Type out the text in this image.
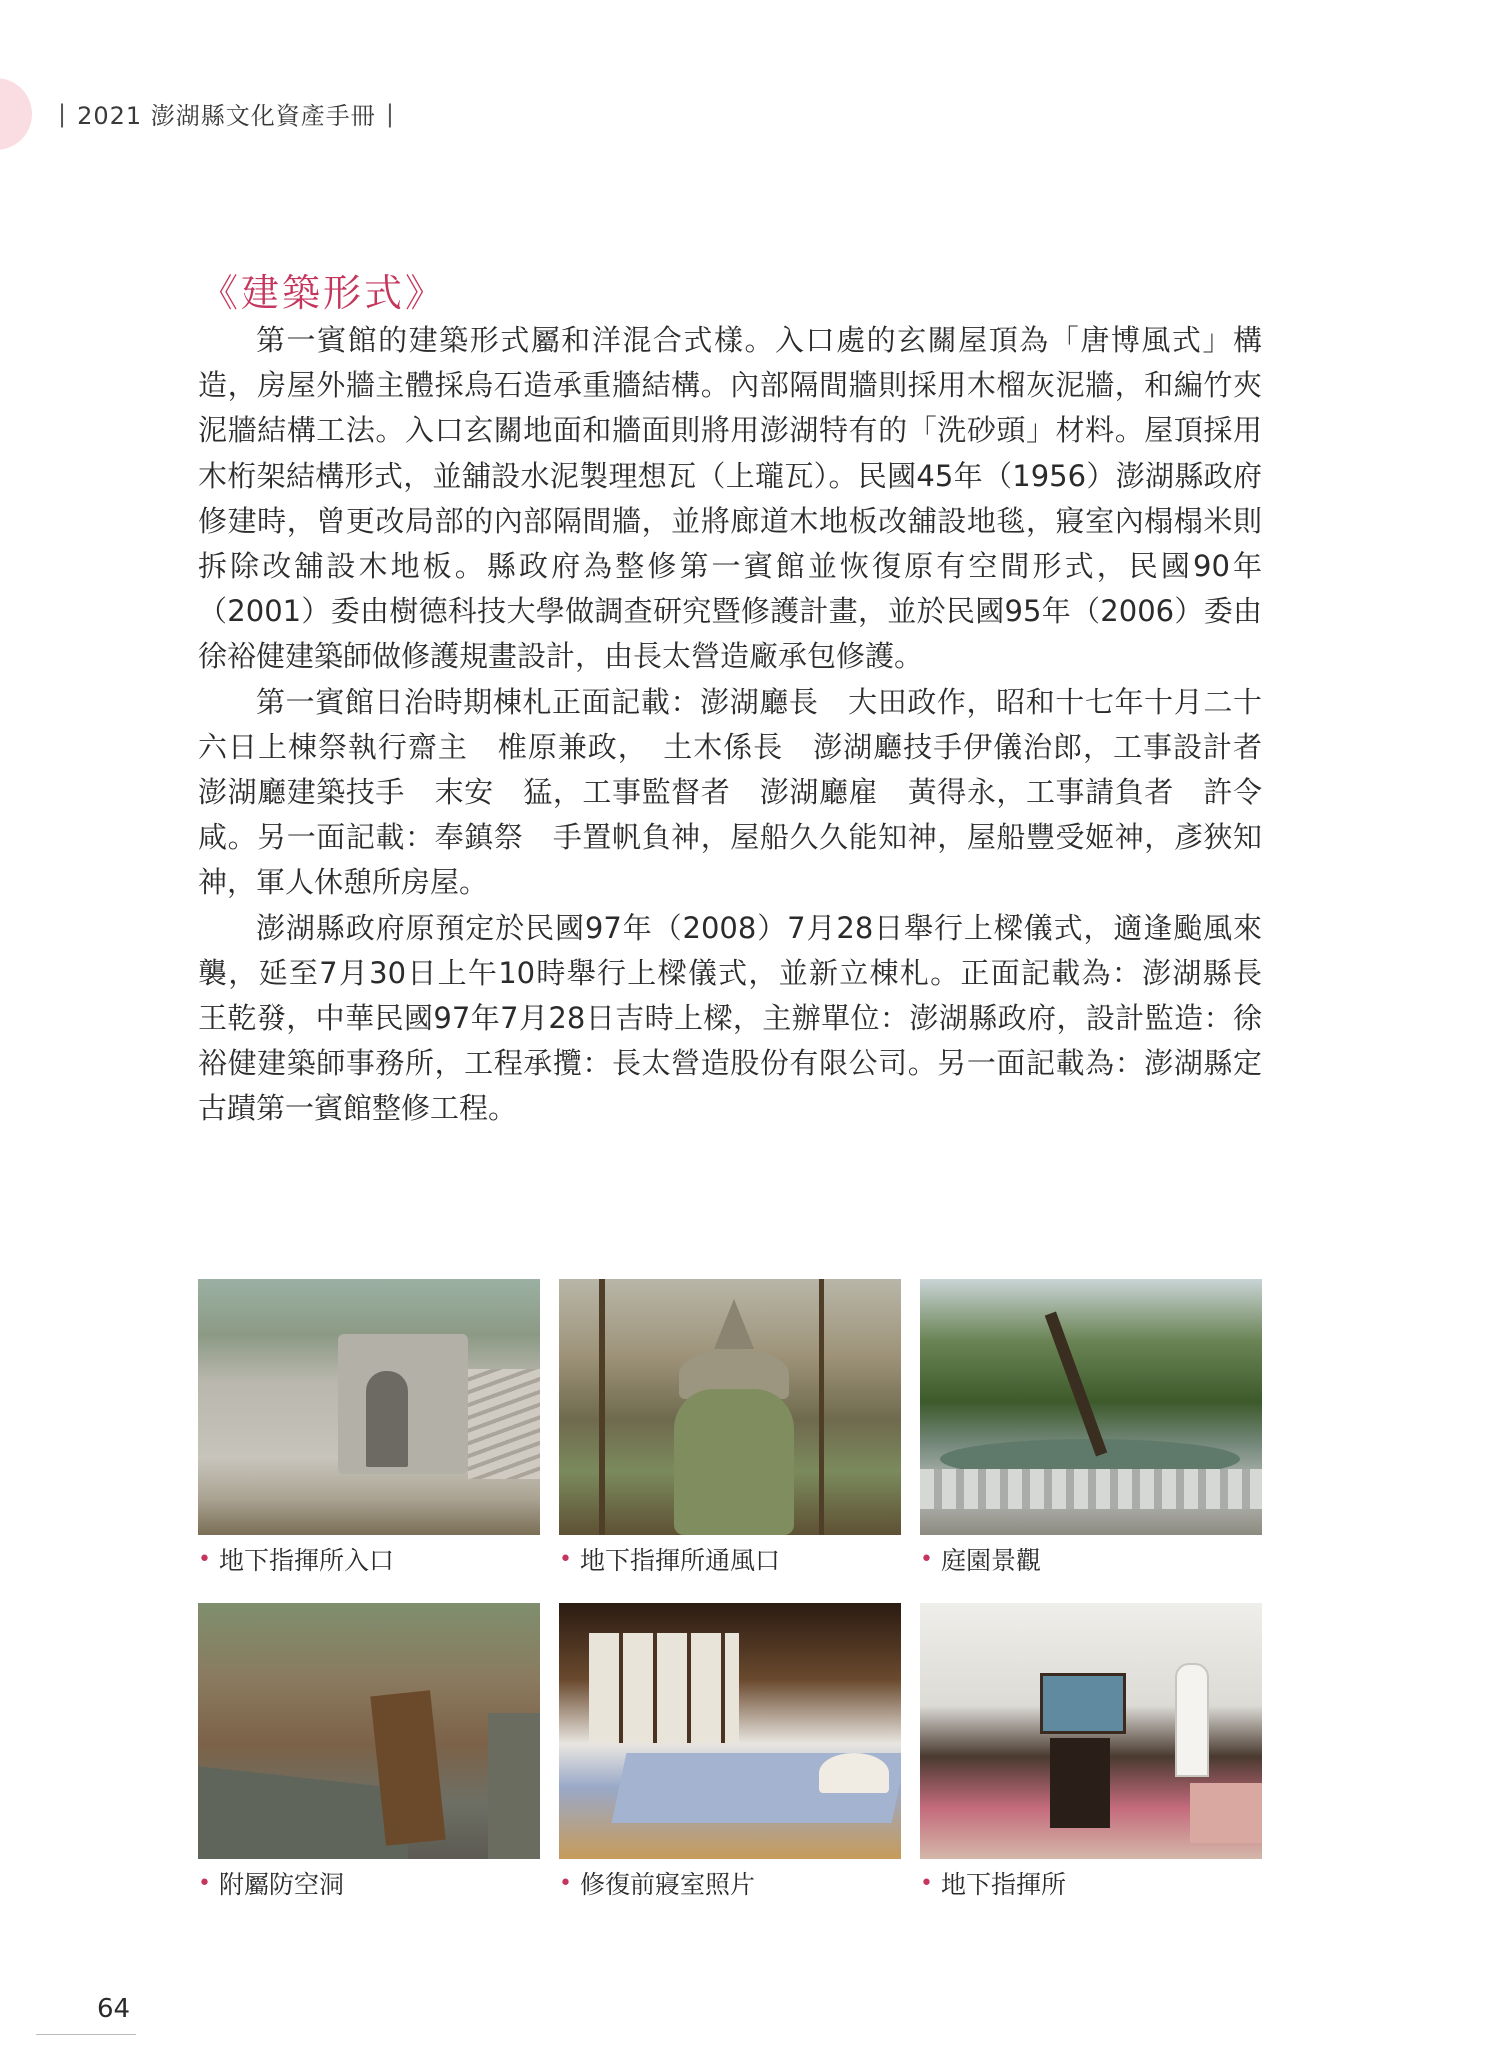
| 2021 澎湖縣文化資產手冊 |
《建築形式》

第一賓館的建築形式屬和洋混合式樣。入口處的玄關屋頂為「唐博風式」構造，房屋外牆主體採烏石造承重牆結構。內部隔間牆則採用木榴灰泥牆，和編竹夾泥牆結構工法。入口玄關地面和牆面則將用澎湖特有的「洗砂頭」材料。屋頂採用木桁架結構形式，並舖設水泥製理想瓦（上瓏瓦）。民國45年（1956）澎湖縣政府修建時，曾更改局部的內部隔間牆，並將廊道木地板改舖設地毯，寢室內榻榻米則拆除改舖設木地板。縣政府為整修第一賓館並恢復原有空間形式，民國90年（2001）委由樹德科技大學做調查研究暨修護計畫，並於民國95年（2006）委由徐裕健建築師做修護規畫設計，由長太營造廠承包修護。

第一賓館日治時期棟札正面記載：澎湖廳長　大田政作，昭和十七年十月二十六日上棟祭執行齋主　椎原兼政，　土木係長　澎湖廳技手伊儀治郎，工事設計者　澎湖廳建築技手　末安　猛，工事監督者　澎湖廳雇　黃得永，工事請負者　許令咸。另一面記載：奉鎮祭　手置帆負神，屋船久久能知神，屋船豐受姬神，彥狹知神，軍人休憩所房屋。

澎湖縣政府原預定於民國97年（2008）7月28日舉行上樑儀式，適逢颱風來襲，延至7月30日上午10時舉行上樑儀式，並新立棟札。正面記載為：澎湖縣長　王乾發，中華民國97年7月28日吉時上樑，主辦單位：澎湖縣政府，設計監造：徐裕健建築師事務所，工程承攬：長太營造股份有限公司。另一面記載為：澎湖縣定古蹟第一賓館整修工程。

• 地下指揮所入口	• 地下指揮所通風口	• 庭園景觀
• 附屬防空洞	• 修復前寢室照片	• 地下指揮所
64
